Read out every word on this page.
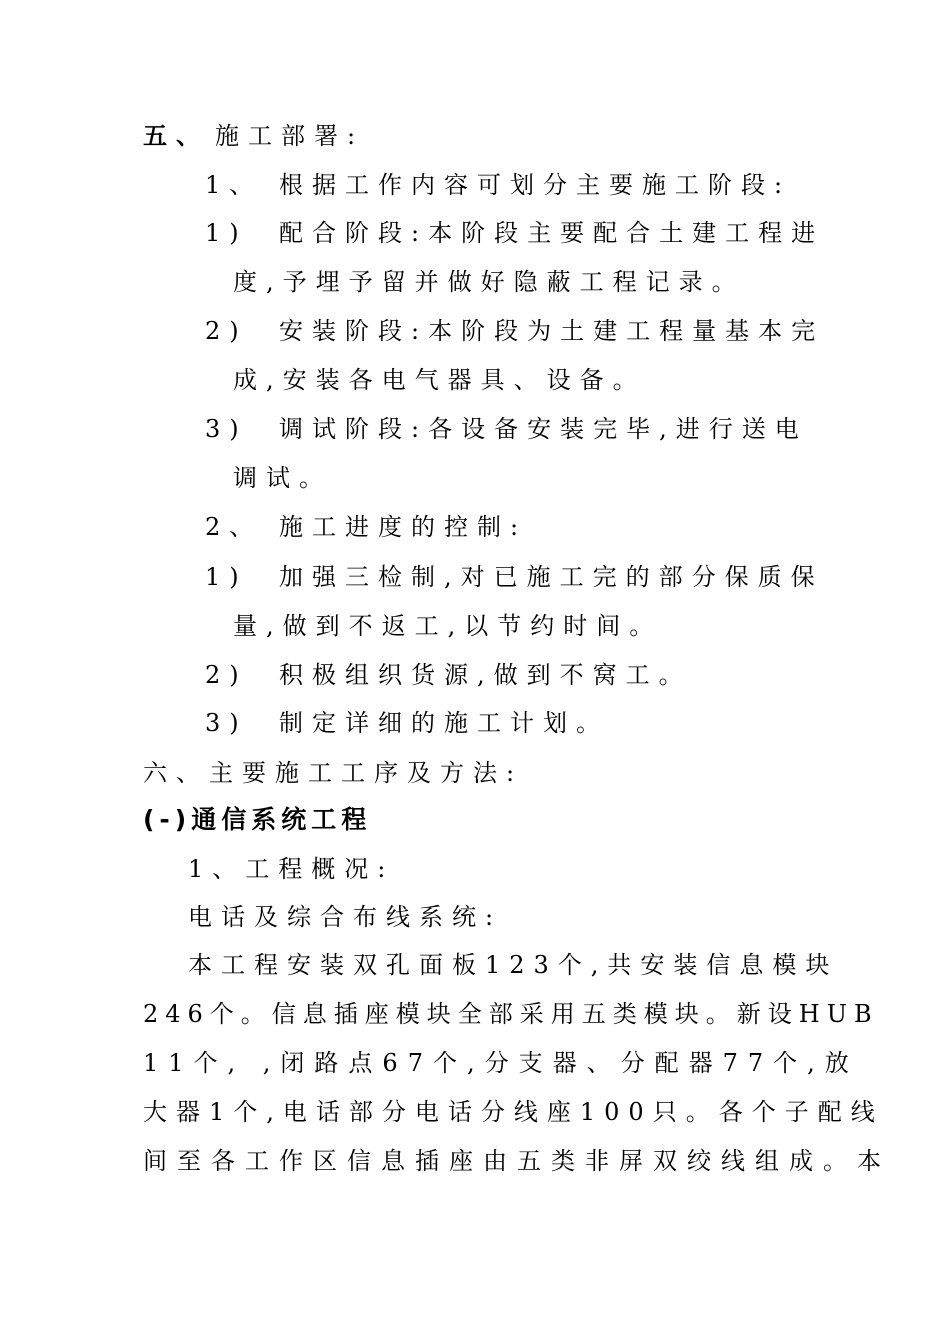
五、 施工部署:
1、 根据工作内容可划分主要施工阶段:
1) 配合阶段:本阶段主要配合土建工程进
度,予埋予留并做好隐蔽工程记录。
2) 安装阶段:本阶段为土建工程量基本完
成,安装各电气器具、设备。
3) 调试阶段:各设备安装完毕,进行送电
调试。
2、 施工进度的控制:
1) 加强三检制,对已施工完的部分保质保
量,做到不返工,以节约时间。
2) 积极组织货源,做到不窝工。
3) 制定详细的施工计划。
六、主要施工工序及方法:
(-)通信系统工程
1、工程概况:
电话及综合布线系统:
本工程安装双孔面板123个,共安装信息模块
246个。信息插座模块全部采用五类模块。新设HUB
11个, ,闭路点67个,分支器、分配器77个,放
大器1个,电话部分电话分线座100只。各个子配线
间至各工作区信息插座由五类非屏双绞线组成。本
